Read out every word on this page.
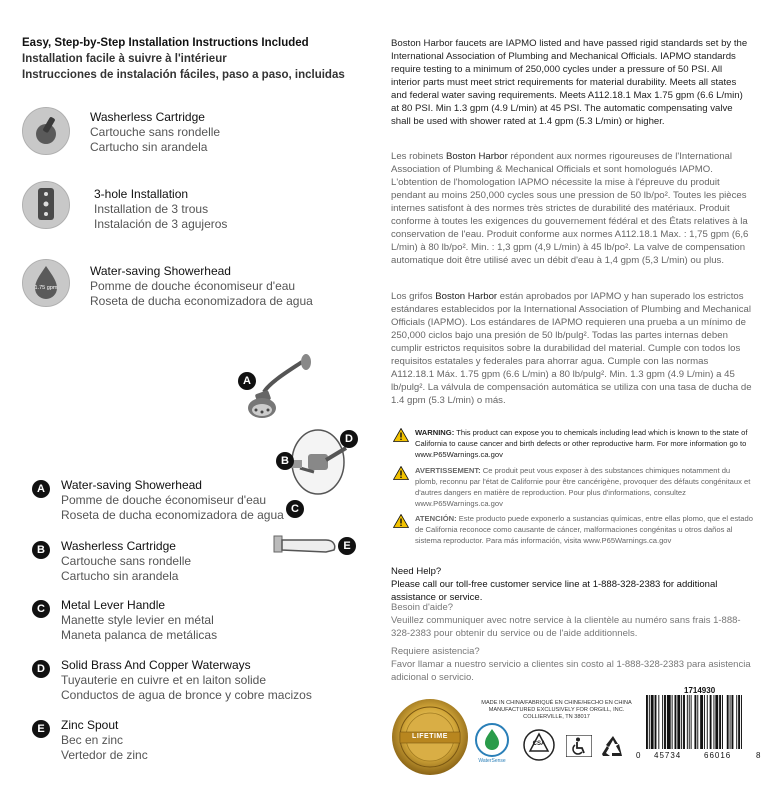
Easy, Step-by-Step Installation Instructions Included
Installation facile à suivre à l'intérieur
Instrucciones de instalación fáciles, paso a paso, incluidas
Washerless Cartridge
Cartouche sans rondelle
Cartucho sin arandela
3-hole Installation
Installation de 3 trous
Instalación de 3 agujeros
1.75 gpm
Water-saving Showerhead
Pomme de douche économiseur d'eau
Roseta de ducha economizadora de agua
A
B
C
D
E
A	Water-saving Showerhead
Pomme de douche économiseur d'eau
Roseta de ducha economizadora de agua
B	Washerless Cartridge
Cartouche sans rondelle
Cartucho sin arandela
C	Metal Lever Handle
Manette style levier en métal
Maneta palanca de metálicas
D	Solid Brass And Copper Waterways
Tuyauterie en cuivre et en laiton solide
Conductos de agua de bronce y cobre macizos
E	Zinc Spout
Bec en zinc
Vertedor de zinc
Boston Harbor faucets are IAPMO listed and have passed rigid standards set by the International Association of Plumbing and Mechanical Officials. IAPMO standards require testing to a minimum of 250,000 cycles under a pressure of 50 PSI. All interior parts must meet strict requirements for material durability. Meets all states and federal water saving requirements. Meets A112.18.1 Max 1.75 gpm (6.6 L/min) at 80 PSI. Min 1.3 gpm (4.9 L/min) at 45 PSI. The automatic compensating valve shall be used with shower rated at 1.4 gpm (5.3 L/min) or higher.
Les robinets Boston Harbor répondent aux normes rigoureuses de l'International Association of Plumbing & Mechanical Officials et sont homologués IAPMO. L'obtention de l'homologation IAPMO nécessite la mise à l'épreuve du produit pendant au moins 250,000 cycles sous une pression de 50 lb/po². Toutes les pièces internes satisfont à des normes très strictes de durabilité des matériaux. Produit conforme à toutes les exigences du gouvernement fédéral et des États relatives à la conservation de l'eau. Produit conforme aux normes A112.18.1 Max. : 1,75 gpm (6,6 L/min) à 80 lb/po². Min. : 1,3 gpm (4,9 L/min) à 45 lb/po². La valve de compensation automatique doit être utilisé avec un débit d'eau à 1,4 gpm (5,3 L/min) ou plus.
Los grifos Boston Harbor están aprobados por IAPMO y han superado los estrictos estándares establecidos por la International Association of Plumbing and Mechanical Officials (IAPMO). Los estándares de IAPMO requieren una prueba a un mínimo de 250,000 ciclos bajo una presión de 50 lb/pulg². Todas las partes internas deben cumplir estrictos requisitos sobre la durabilidad del material. Cumple con todos los requisitos estatales y federales para ahorrar agua. Cumple con las normas A112.18.1 Máx. 1.75 gpm (6.6 L/min) a 80 lb/pulg². Min. 1.3 gpm (4.9 L/min) a 45 lb/pulg². La válvula de compensación automática se utiliza con una tasa de ducha de 1.4 gpm (5.3 L/min) o más.
WARNING: This product can expose you to chemicals including lead which is known to the state of California to cause cancer and birth defects or other reproductive harm. For more information go to www.P65Warnings.ca.gov
AVERTISSEMENT: Ce produit peut vous exposer à des substances chimiques notamment du plomb, reconnu par l'état de Californie pour être cancérigène, provoquer des défauts congénitaux et d'autres dangers en matière de reproduction. Pour plus d'informations, consultez www.P65Warnings.ca.gov
ATENCIÓN: Este producto puede exponerlo a sustancias químicas, entre ellas plomo, que el estado de California reconoce como causante de cáncer, malformaciones congénitas u otros daños al sistema reproductor. Para más información, visita www.P65Warnings.ca.gov
Need Help?
Please call our toll-free customer service line at 1-888-328-2383 for additional assistance or service.
Besoin d'aide?
Veuillez communiquer avec notre service à la clientèle au numéro sans frais 1-888-328-2383 pour obtenir du service ou de l'aide additionnels.
Requiere asistencia?
Favor llamar a nuestro servicio a clientes sin costo al 1-888-328-2383 para asistencia adicional o servicio.
LIFETIME
MADE IN CHINA/FABRIQUÉ EN CHINE/HECHO EN CHINA
MANUFACTURED EXCLUSIVELY FOR ORGILL, INC.
COLLIERVILLE, TN 38017
WaterSense
CSA
1714930
0 45734	66016	8
